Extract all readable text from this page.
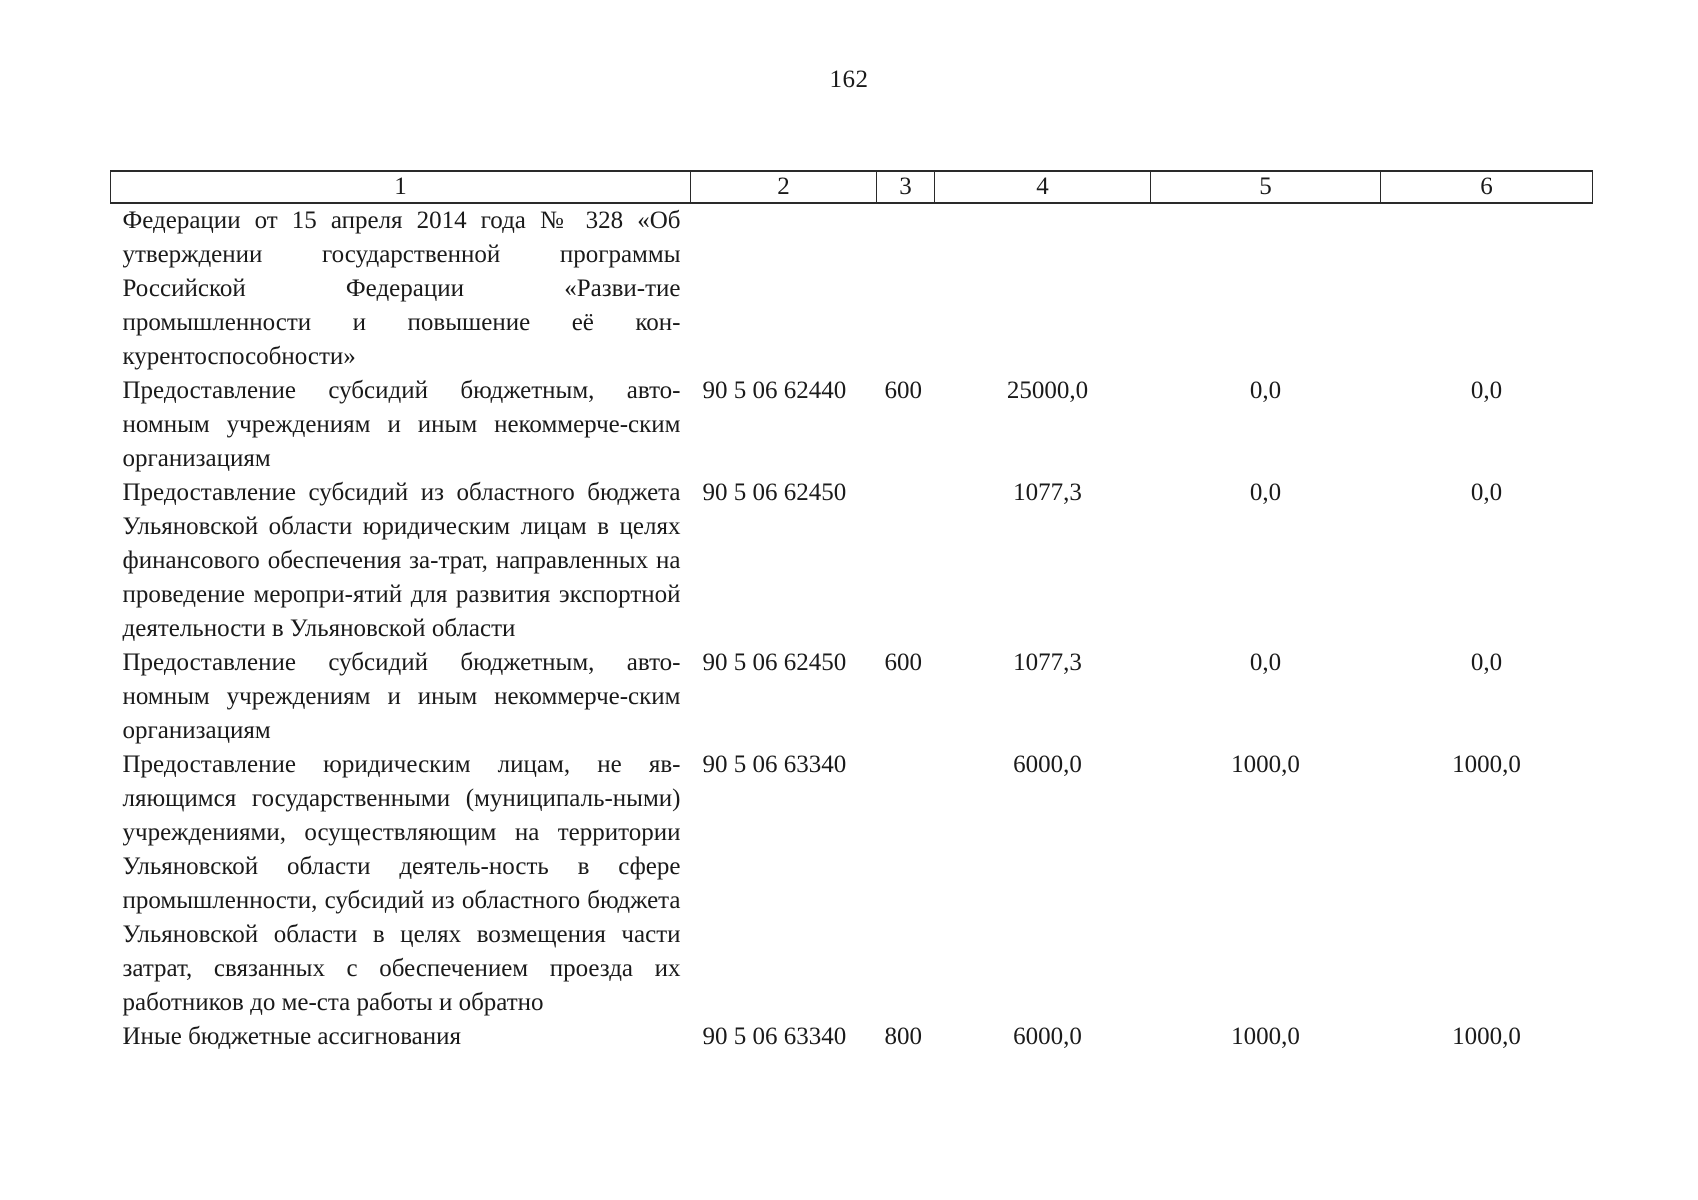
162
1	2	3	4	5	6
Федерации от 15 апреля 2014 года № 328 «Об утверждении государственной программы Российской Федерации «Разви-тие промышленности и повышение её кон-курентоспособности»					
Предоставление субсидий бюджетным, авто-номным учреждениям и иным некоммерче-ским организациям	90 5 06 62440	600	25000,0	0,0	0,0
Предоставление субсидий из областного бюджета Ульяновской области юридическим лицам в целях финансового обеспечения за-трат, направленных на проведение меропри-ятий для развития экспортной деятельности в Ульяновской области	90 5 06 62450		1077,3	0,0	0,0
Предоставление субсидий бюджетным, авто-номным учреждениям и иным некоммерче-ским организациям	90 5 06 62450	600	1077,3	0,0	0,0
Предоставление юридическим лицам, не яв-ляющимся государственными (муниципаль-ными) учреждениями, осуществляющим на территории Ульяновской области деятель-ность в сфере промышленности, субсидий из областного бюджета Ульяновской области в целях возмещения части затрат, связанных с обеспечением проезда их работников до ме-ста работы и обратно	90 5 06 63340		6000,0	1000,0	1000,0
Иные бюджетные ассигнования	90 5 06 63340	800	6000,0	1000,0	1000,0
